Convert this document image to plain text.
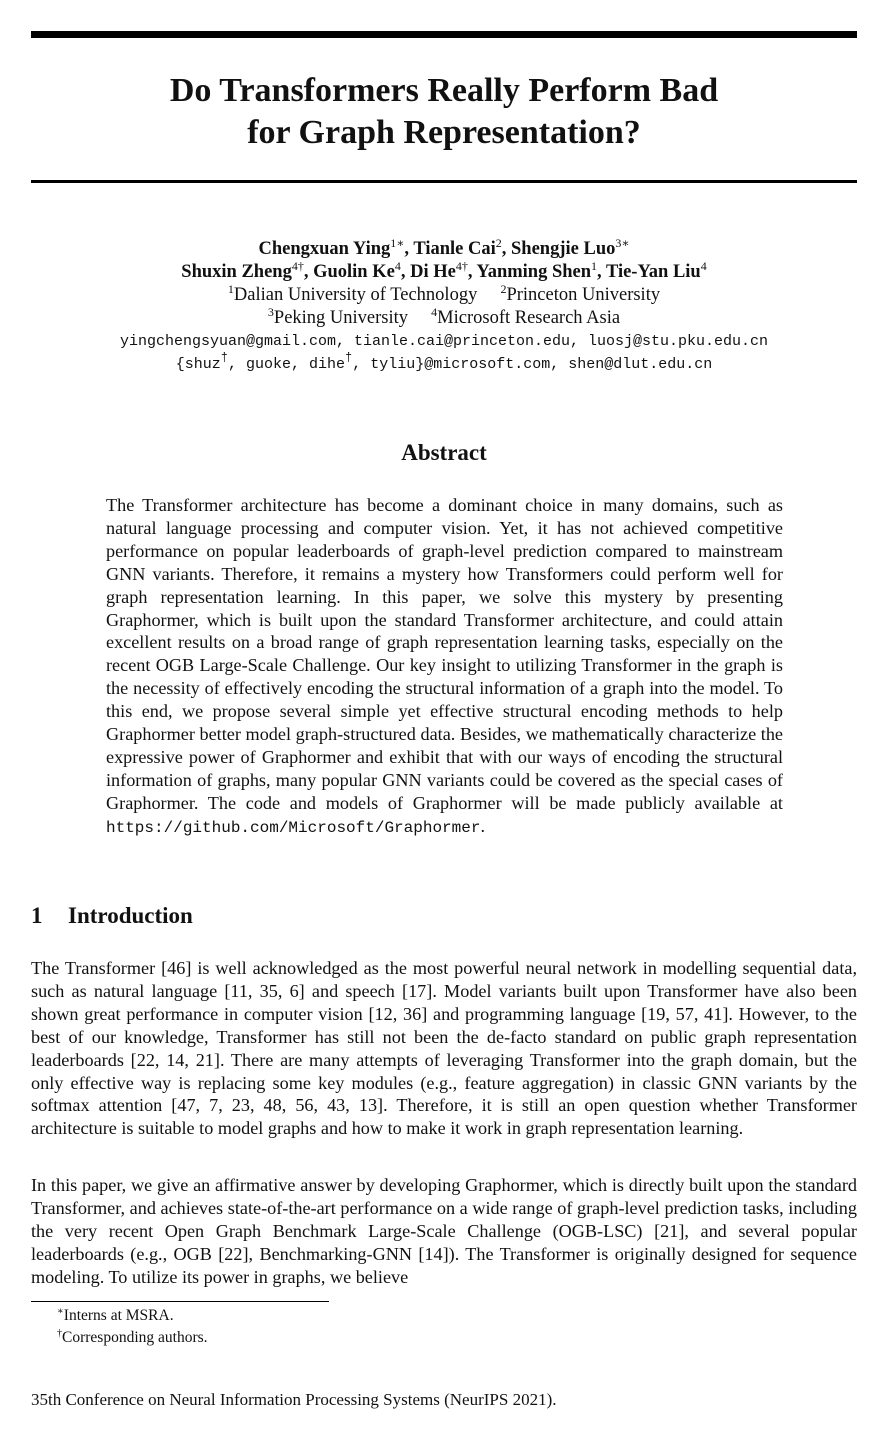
Do Transformers Really Perform Bad
for Graph Representation?
Chengxuan Ying$^{1∗}$, Tianle Cai$^2$, Shengjie Luo$^{3∗}$
Shuxin Zheng$^{4\dagger}$, Guolin Ke$^4$, Di $He^{4\dagger}$, Yanming Shen$^1$, Tie-Yan Liu$^4$
$^1$Dalian University of Technology $^2$Princeton University
$^3$Peking University $^4$Microsoft Research Asia
yingchengsyuan@gmail.com, tianle.cai@princeton.edu, luosj@stu.pku.edu.cn
{shuz†, guoke, dihe†, tyliu}@microsoft.com, shen@dlut.edu.cn
Abstract
The Transformer architecture has become a dominant choice in many domains, such as natural language processing and computer vision. Yet, it has not achieved competitive performance on popular leaderboards of graph-level prediction compared to mainstream GNN variants. Therefore, it remains a mystery how Transformers could perform well for graph representation learning. In this paper, we solve this mystery by presenting Graphormer, which is built upon the standard Transformer architecture, and could attain excellent results on a broad range of graph representation learning tasks, especially on the recent OGB Large-Scale Challenge. Our key insight to utilizing Transformer in the graph is the necessity of effectively encoding the structural information of a graph into the model. To this end, we propose several simple yet effective structural encoding methods to help Graphormer better model graph-structured data. Besides, we mathematically characterize the expressive power of Graphormer and exhibit that with our ways of encoding the structural information of graphs, many popular GNN variants could be covered as the special cases of Graphormer. The code and models of Graphormer will be made publicly available at https://github.com/Microsoft/Graphormer.
1 Introduction

The Transformer [46] is well acknowledged as the most powerful neural network in modelling sequential data, such as natural language [11, 35, 6] and speech [17]. Model variants built upon Transformer have also been shown great performance in computer vision [12, 36] and programming language [19, 57, 41]. However, to the best of our knowledge, Transformer has still not been the de-facto standard on public graph representation leaderboards [22, 14, 21]. There are many attempts of leveraging Transformer into the graph domain, but the only effective way is replacing some key modules (e.g., feature aggregation) in classic GNN variants by the softmax attention [47, 7, 23, 48, 56, 43, 13]. Therefore, it is still an open question whether Transformer architecture is suitable to model graphs and how to make it work in graph representation learning.

In this paper, we give an affirmative answer by developing Graphormer, which is directly built upon the standard Transformer, and achieves state-of-the-art performance on a wide range of graph-level prediction tasks, including the very recent Open Graph Benchmark Large-Scale Challenge (OGB-LSC) [21], and several popular leaderboards (e.g., OGB [22], Benchmarking-GNN [14]). The Transformer is originally designed for sequence modeling. To utilize its power in graphs, we believe

∗Interns at MSRA.
†Corresponding authors.
35th Conference on Neural Information Processing Systems (NeurIPS 2021).
